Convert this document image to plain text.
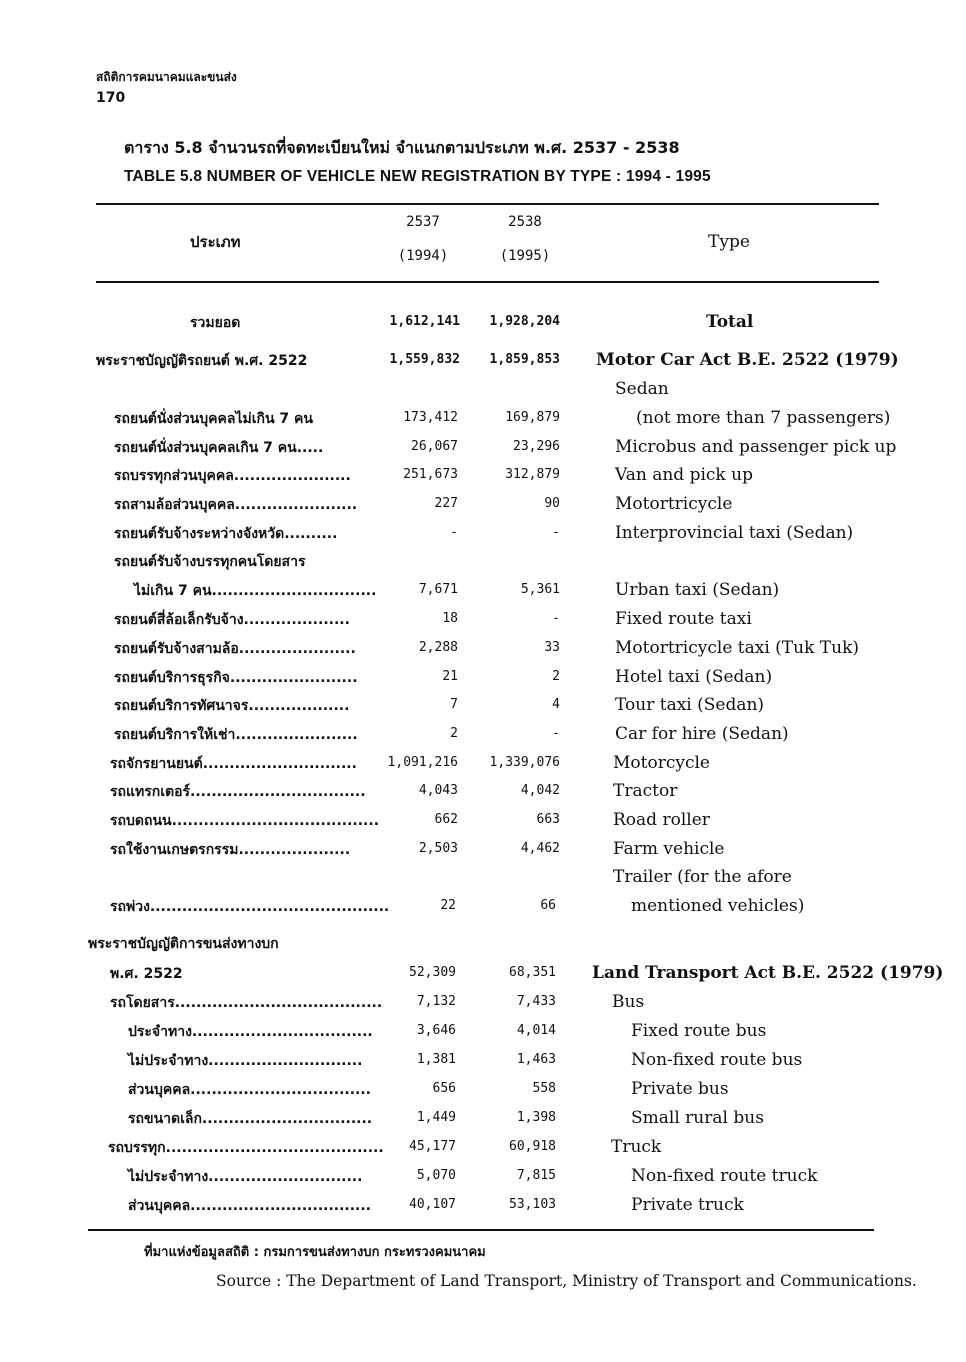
สถิติการคมนาคมและขนส่ง
170
ตาราง 5.8 จำนวนรถที่จดทะเบียนใหม่ จำแนกตามประเภท พ.ศ. 2537 - 2538
TABLE 5.8 NUMBER OF VEHICLE NEW REGISTRATION BY TYPE : 1994 - 1995
ประเภท
2537
(1994)
2538
(1995)
Type
รวมยอด	1,612,141	1,928,204	Total
พระราชบัญญัติรถยนต์ พ.ศ. 2522	1,559,832	1,859,853 Motor Car Act B.E. 2522 (1979)
Sedan
รถยนต์นั่งส่วนบุคคลไม่เกิน 7 คน	173,412	169,879	(not more than 7 passengers)
รถยนต์นั่งส่วนบุคคลเกิน 7 คน.....	26,067	23,296	Microbus and passenger pick up
รถบรรทุกส่วนบุคคล......................	251,673	312,879	Van and pick up
รถสามล้อส่วนบุคคล.......................	227	90	Motortricycle
รถยนต์รับจ้างระหว่างจังหวัด..........	-	-	Interprovincial taxi (Sedan)
รถยนต์รับจ้างบรรทุกคนโดยสาร
ไม่เกิน 7 คน...............................	7,671	5,361	Urban taxi (Sedan)
รถยนต์สี่ล้อเล็กรับจ้าง....................	18	-	Fixed route taxi
รถยนต์รับจ้างสามล้อ......................	2,288	33	Motortricycle taxi (Tuk Tuk)
รถยนต์บริการธุรกิจ........................	21	2	Hotel taxi (Sedan)
รถยนต์บริการทัศนาจร...................	7	4	Tour taxi (Sedan)
รถยนต์บริการให้เช่า.......................	2	-	Car for hire (Sedan)
รถจักรยานยนต์.............................	1,091,216	1,339,076	Motorcycle
รถแทรกเตอร์.................................	4,043	4,042	Tractor
รถบดถนน.......................................	662	663	Road roller
รถใช้งานเกษตรกรรม.....................	2,503	4,462	Farm vehicle
Trailer (for the afore
รถพ่วง.............................................	22	66	mentioned vehicles)
พระราชบัญญัติการขนส่งทางบก
พ.ศ. 2522	52,309	68,351 Land Transport Act B.E. 2522 (1979)
รถโดยสาร.......................................	7,132	7,433	Bus
ประจำทาง..................................	3,646	4,014	Fixed route bus
ไม่ประจำทาง.............................	1,381	1,463	Non-fixed route bus
ส่วนบุคคล..................................	656	558	Private bus
รถขนาดเล็ก................................	1,449	1,398	Small rural bus
รถบรรทุก.........................................	45,177	60,918	Truck
ไม่ประจำทาง.............................	5,070	7,815	Non-fixed route truck
ส่วนบุคคล..................................	40,107	53,103	Private truck
ที่มาแห่งข้อมูลสถิติ : กรมการขนส่งทางบก กระทรวงคมนาคม
Source : The Department of Land Transport, Ministry of Transport and Communications.
